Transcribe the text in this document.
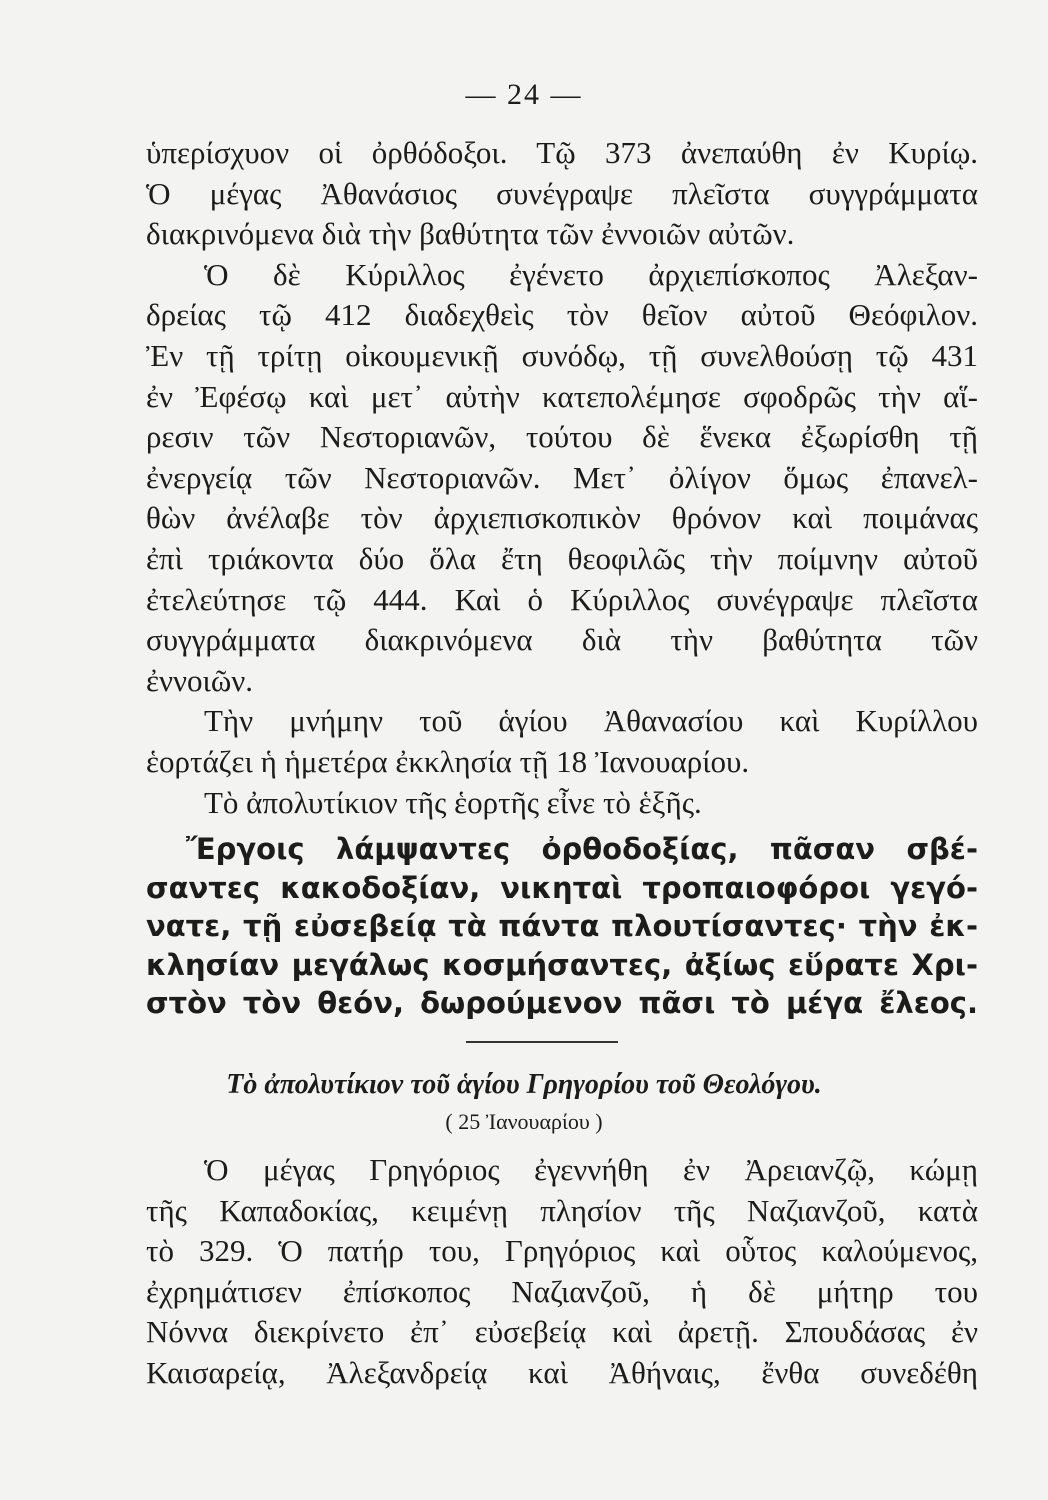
— 24 —
ὑπερίσχυον οἱ ὀρθόδοξοι. Τῷ 373 ἀνεπαύθη ἐν Κυρίῳ.
Ὁ μέγας Ἀθανάσιος συνέγραψε πλεῖστα συγγράμματα
διακρινόμενα διὰ τὴν βαθύτητα τῶν ἐννοιῶν αὐτῶν.
Ὁ δὲ Κύριλλος ἐγένετο ἀρχιεπίσκοπος Ἀλεξαν-
δρείας τῷ 412 διαδεχθεὶς τὸν θεῖον αὐτοῦ Θεόφιλον.
Ἐν τῇ τρίτῃ οἰκουμενικῇ συνόδῳ, τῇ συνελθούσῃ τῷ 431
ἐν Ἐφέσῳ καὶ μετ᾽ αὐτὴν κατεπολέμησε σφοδρῶς τὴν αἵ-
ρεσιν τῶν Νεστοριανῶν, τούτου δὲ ἕνεκα ἐξωρίσθη τῇ
ἐνεργείᾳ τῶν Νεστοριανῶν. Μετ᾽ ὀλίγον ὅμως ἐπανελ-
θὼν ἀνέλαβε τὸν ἀρχιεπισκοπικὸν θρόνον καὶ ποιμάνας
ἐπὶ τριάκοντα δύο ὅλα ἔτη θεοφιλῶς τὴν ποίμνην αὐτοῦ
ἐτελεύτησε τῷ 444. Καὶ ὁ Κύριλλος συνέγραψε πλεῖστα
συγγράμματα διακρινόμενα διὰ τὴν βαθύτητα τῶν
ἐννοιῶν.
Τὴν μνήμην τοῦ ἁγίου Ἀθανασίου καὶ Κυρίλλου
ἑορτάζει ἡ ἡμετέρα ἐκκλησία τῇ 18 Ἰανουαρίου.
Τὸ ἀπολυτίκιον τῆς ἑορτῆς εἶνε τὸ ἑξῆς.
Ἔργοις λάμψαντες ὀρθοδοξίας, πᾶσαν σβέ-
σαντες κακοδοξίαν, νικηταὶ τροπαιοφόροι γεγό-
νατε, τῇ εὐσεβείᾳ τὰ πάντα πλουτίσαντες· τὴν ἐκ-
κλησίαν μεγάλως κοσμήσαντες, ἀξίως εὕρατε Χρι-
στὸν τὸν θεόν, δωρούμενον πᾶσι τὸ μέγα ἔλεος.
Τὸ ἀπολυτίκιον τοῦ ἁγίου Γρηγορίου τοῦ Θεολόγου.
( 25 Ἰανουαρίου )
Ὁ μέγας Γρηγόριος ἐγεννήθη ἐν Ἀρειανζῷ, κώμῃ
τῆς Καπαδοκίας, κειμένῃ πλησίον τῆς Ναζιανζοῦ, κατὰ
τὸ 329. Ὁ πατήρ του, Γρηγόριος καὶ οὗτος καλούμενος,
ἐχρημάτισεν ἐπίσκοπος Ναζιανζοῦ, ἡ δὲ μήτηρ του
Νόννα διεκρίνετο ἐπ᾽ εὐσεβείᾳ καὶ ἀρετῇ. Σπουδάσας ἐν
Καισαρείᾳ, Ἀλεξανδρείᾳ καὶ Ἀθήναις, ἔνθα συνεδέθη
